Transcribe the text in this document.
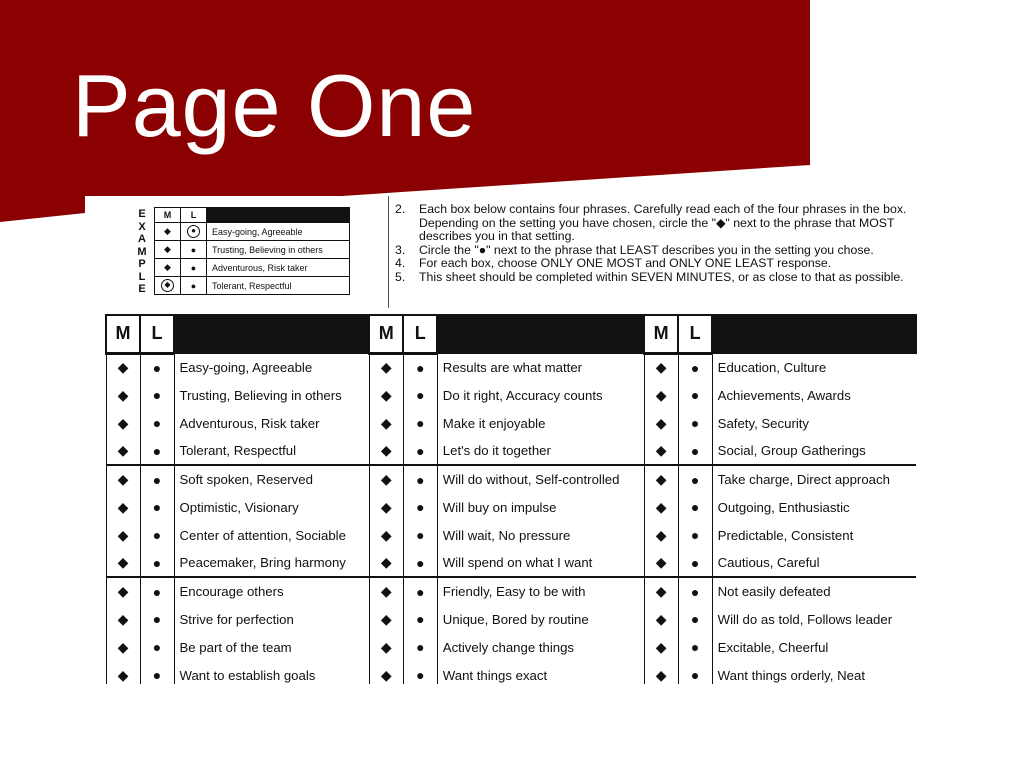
Page One
E
X
A
M
P
L
E
M	L	
◆	●	Easy-going, Agreeable
◆	●	Trusting, Believing in others
◆	●	Adventurous, Risk taker
◆	●	Tolerant, Respectful

2.	Each box below contains four phrases. Carefully read each of the four phrases in the box.
Depending on the setting you have chosen, circle the "◆" next to the phrase that MOST
describes you in that setting.
3.	Circle the "●" next to the phrase that LEAST describes you in the setting you chose.
4.	For each box, choose ONLY ONE MOST and ONLY ONE LEAST response.
5.	This sheet should be completed within SEVEN MINUTES, or as close to that as possible.
M	L		M	L		M	L	
◆	●	Easy-going, Agreeable	◆	●	Results are what matter	◆	●	Education, Culture
◆	●	Trusting, Believing in others	◆	●	Do it right, Accuracy counts	◆	●	Achievements, Awards
◆	●	Adventurous, Risk taker	◆	●	Make it enjoyable	◆	●	Safety, Security
◆	●	Tolerant, Respectful	◆	●	Let's do it together	◆	●	Social, Group Gatherings
◆	●	Soft spoken, Reserved	◆	●	Will do without, Self-controlled	◆	●	Take charge, Direct approach
◆	●	Optimistic, Visionary	◆	●	Will buy on impulse	◆	●	Outgoing, Enthusiastic
◆	●	Center of attention, Sociable	◆	●	Will wait, No pressure	◆	●	Predictable, Consistent
◆	●	Peacemaker, Bring harmony	◆	●	Will spend on what I want	◆	●	Cautious, Careful
◆	●	Encourage others	◆	●	Friendly, Easy to be with	◆	●	Not easily defeated
◆	●	Strive for perfection	◆	●	Unique, Bored by routine	◆	●	Will do as told, Follows leader
◆	●	Be part of the team	◆	●	Actively change things	◆	●	Excitable, Cheerful
◆	●	Want to establish goals	◆	●	Want things exact	◆	●	Want things orderly, Neat
